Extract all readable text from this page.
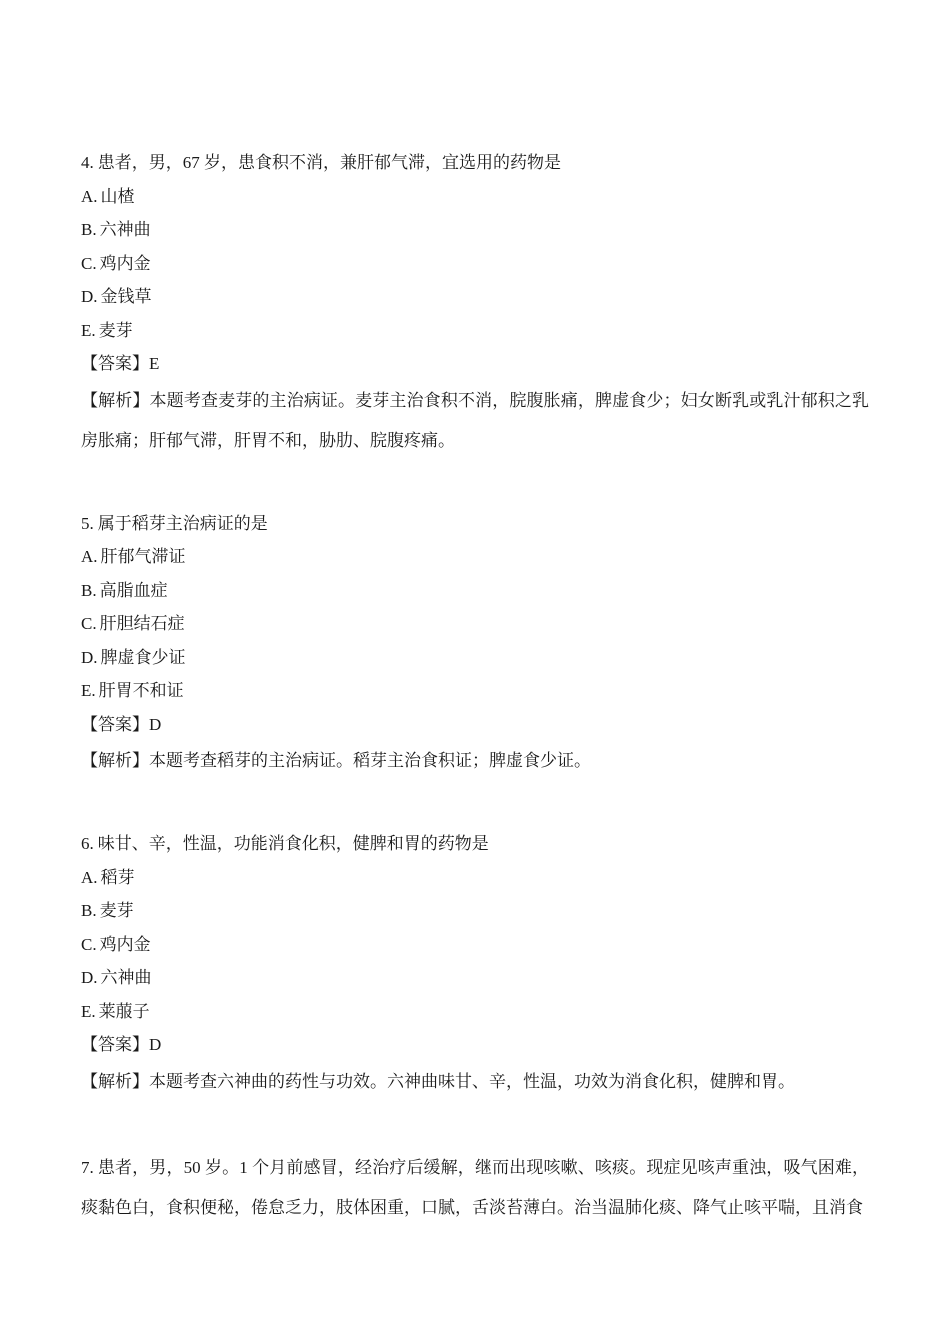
4. 患者，男，67 岁，患食积不消，兼肝郁气滞，宜选用的药物是

A. 山楂

B. 六神曲

C. 鸡内金

D. 金钱草

E. 麦芽

【答案】E

【解析】本题考查麦芽的主治病证。麦芽主治食积不消，脘腹胀痛，脾虚食少；妇女断乳或乳汁郁积之乳房胀痛；肝郁气滞，肝胃不和，胁肋、脘腹疼痛。

5. 属于稻芽主治病证的是

A. 肝郁气滞证

B. 高脂血症

C. 肝胆结石症

D. 脾虚食少证

E. 肝胃不和证

【答案】D

【解析】本题考查稻芽的主治病证。稻芽主治食积证；脾虚食少证。

6. 味甘、辛，性温，功能消食化积，健脾和胃的药物是

A. 稻芽

B. 麦芽

C. 鸡内金

D. 六神曲

E. 莱菔子

【答案】D

【解析】本题考查六神曲的药性与功效。六神曲味甘、辛，性温，功效为消食化积，健脾和胃。

7. 患者，男，50 岁。1 个月前感冒，经治疗后缓解，继而出现咳嗽、咳痰。现症见咳声重浊，吸气困难，痰黏色白，食积便秘，倦怠乏力，肢体困重，口腻，舌淡苔薄白。治当温肺化痰、降气止咳平喘，且消食
